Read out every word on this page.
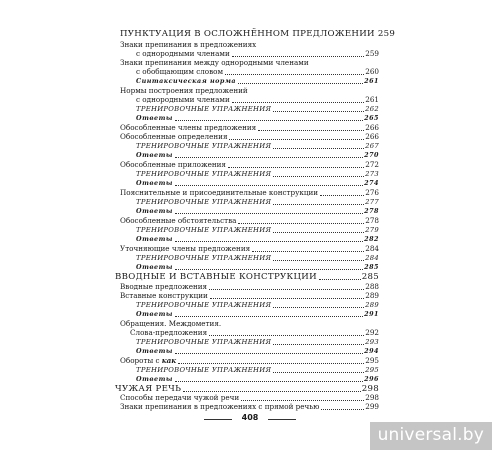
ПУНКТУАЦИЯ В ОСЛОЖНЁННОМ ПРЕДЛОЖЕНИИ 259
Знаки препинания в предложениях
с однородными членами	259
Знаки препинания между однородными членами
с обобщающим словом	260
Синтаксическая норма	261
Нормы построения предложений
с однородными членами	261
ТРЕНИРОВОЧНЫЕ УПРАЖНЕНИЯ	262
Ответы	265
Обособленные члены предложения	266
Обособленные определения	266
ТРЕНИРОВОЧНЫЕ УПРАЖНЕНИЯ	267
Ответы	270
Обособленные приложения	272
ТРЕНИРОВОЧНЫЕ УПРАЖНЕНИЯ	273
Ответы	274
Пояснительные и присоединительные конструкции	276
ТРЕНИРОВОЧНЫЕ УПРАЖНЕНИЯ	277
Ответы	278
Обособленные обстоятельства	278
ТРЕНИРОВОЧНЫЕ УПРАЖНЕНИЯ	279
Ответы	282
Уточняющие члены предложения	284
ТРЕНИРОВОЧНЫЕ УПРАЖНЕНИЯ	284
Ответы	285
ВВОДНЫЕ И ВСТАВНЫЕ КОНСТРУКЦИИ	285
Вводные предложения	288
Вставные конструкции	289
ТРЕНИРОВОЧНЫЕ УПРАЖНЕНИЯ	289
Ответы	291
Обращения. Междометия.
Слова-предложения	292
ТРЕНИРОВОЧНЫЕ УПРАЖНЕНИЯ	293
Ответы	294
Обороты с как	295
ТРЕНИРОВОЧНЫЕ УПРАЖНЕНИЯ	295
Ответы	296
ЧУЖАЯ РЕЧЬ	298
Способы передачи чужой речи	298
Знаки препинания в предложениях с прямой речью	299
408
universal.by
